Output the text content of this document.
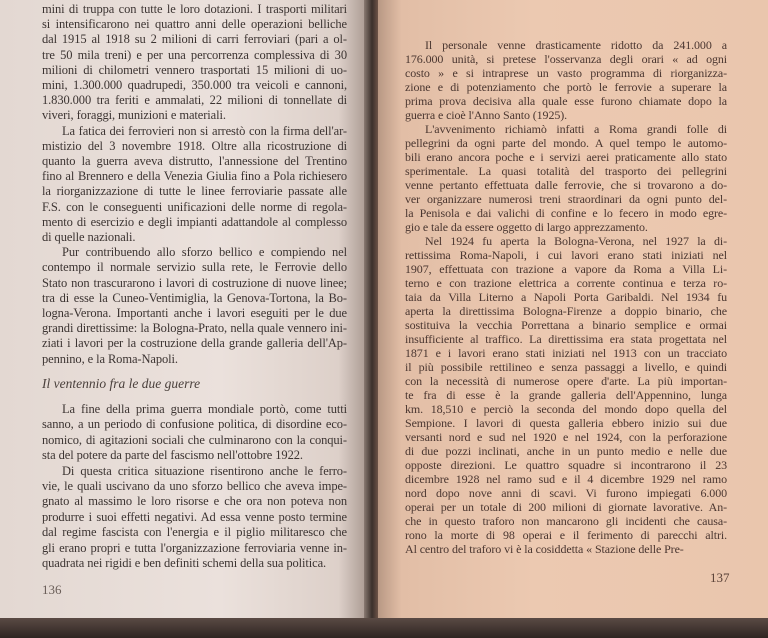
mini di truppa con tutte le loro dotazioni. I trasporti militari
si intensificarono nei quattro anni delle operazioni belliche
dal 1915 al 1918 su 2 milioni di carri ferroviari (pari a ol-
tre 50 mila treni) e per una percorrenza complessiva di 30
milioni di chilometri vennero trasportati 15 milioni di uo-
mini, 1.300.000 quadrupedi, 350.000 tra veicoli e cannoni,
1.830.000 tra feriti e ammalati, 22 milioni di tonnellate di
viveri, foraggi, munizioni e materiali.
La fatica dei ferrovieri non si arrestò con la firma dell'ar-
mistizio del 3 novembre 1918. Oltre alla ricostruzione di
quanto la guerra aveva distrutto, l'annessione del Trentino
fino al Brennero e della Venezia Giulia fino a Pola richiesero
la riorganizzazione di tutte le linee ferroviarie passate alle
F.S. con le conseguenti unificazioni delle norme di regola-
mento di esercizio e degli impianti adattandole al complesso
di quelle nazionali.
Pur contribuendo allo sforzo bellico e compiendo nel
contempo il normale servizio sulla rete, le Ferrovie dello
Stato non trascurarono i lavori di costruzione di nuove linee;
tra di esse la Cuneo-Ventimiglia, la Genova-Tortona, la Bo-
logna-Verona. Importanti anche i lavori eseguiti per le due
grandi direttissime: la Bologna-Prato, nella quale vennero ini-
ziati i lavori per la costruzione della grande galleria dell'Ap-
pennino, e la Roma-Napoli.
Il ventennio fra le due guerre
La fine della prima guerra mondiale portò, come tutti
sanno, a un periodo di confusione politica, di disordine eco-
nomico, di agitazioni sociali che culminarono con la conqui-
sta del potere da parte del fascismo nell'ottobre 1922.
Di questa critica situazione risentirono anche le ferro-
vie, le quali uscivano da uno sforzo bellico che aveva impe-
gnato al massimo le loro risorse e che ora non poteva non
produrre i suoi effetti negativi. Ad essa venne posto termine
dal regime fascista con l'energia e il piglio militaresco che
gli erano propri e tutta l'organizzazione ferroviaria venne in-
quadrata nei rigidi e ben definiti schemi della sua politica.
136
Il personale venne drasticamente ridotto da 241.000 a
176.000 unità, si pretese l'osservanza degli orari « ad ogni
costo » e si intraprese un vasto programma di riorganizza-
zione e di potenziamento che portò le ferrovie a superare la
prima prova decisiva alla quale esse furono chiamate dopo la
guerra e cioè l'Anno Santo (1925).
L'avvenimento richiamò infatti a Roma grandi folle di
pellegrini da ogni parte del mondo. A quel tempo le automo-
bili erano ancora poche e i servizi aerei praticamente allo stato
sperimentale. La quasi totalità del trasporto dei pellegrini
venne pertanto effettuata dalle ferrovie, che si trovarono a do-
ver organizzare numerosi treni straordinari da ogni punto del-
la Penisola e dai valichi di confine e lo fecero in modo egre-
gio e tale da essere oggetto di largo apprezzamento.
Nel 1924 fu aperta la Bologna-Verona, nel 1927 la di-
rettissima Roma-Napoli, i cui lavori erano stati iniziati nel
1907, effettuata con trazione a vapore da Roma a Villa Li-
terno e con trazione elettrica a corrente continua e terza ro-
taia da Villa Literno a Napoli Porta Garibaldi. Nel 1934 fu
aperta la direttissima Bologna-Firenze a doppio binario, che
sostituiva la vecchia Porrettana a binario semplice e ormai
insufficiente al traffico. La direttissima era stata progettata nel
1871 e i lavori erano stati iniziati nel 1913 con un tracciato
il più possibile rettilineo e senza passaggi a livello, e quindi
con la necessità di numerose opere d'arte. La più importan-
te fra di esse è la grande galleria dell'Appennino, lunga
km. 18,510 e perciò la seconda del mondo dopo quella del
Sempione. I lavori di questa galleria ebbero inizio sui due
versanti nord e sud nel 1920 e nel 1924, con la perforazione
di due pozzi inclinati, anche in un punto medio e nelle due
opposte direzioni. Le quattro squadre si incontrarono il 23
dicembre 1928 nel ramo sud e il 4 dicembre 1929 nel ramo
nord dopo nove anni di scavi. Vi furono impiegati 6.000
operai per un totale di 200 milioni di giornate lavorative. An-
che in questo traforo non mancarono gli incidenti che causa-
rono la morte di 98 operai e il ferimento di parecchi altri.
Al centro del traforo vi è la cosiddetta « Stazione delle Pre-
137
